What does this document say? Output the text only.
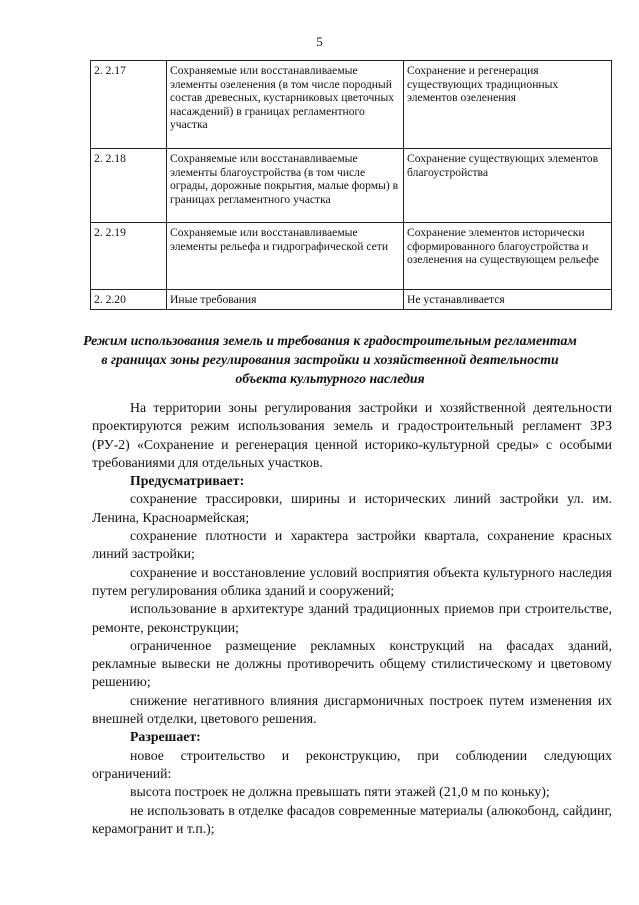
5
2. 2.17	Сохраняемые или восстанавливаемые элементы озеленения (в том числе породный состав древесных, кустарниковых цветочных насаждений) в границах регламентного участка	Сохранение и регенерация существующих традиционных элементов озеленения
2. 2.18	Сохраняемые или восстанавливаемые элементы благоустройства (в том числе ограды, дорожные покрытия, малые формы) в границах регламентного участка	Сохранение существующих элементов благоустройства
2. 2.19	Сохраняемые или восстанавливаемые элементы рельефа и гидрографической сети	Сохранение элементов исторически сформированного благоустройства и озеленения на существующем рельефе
2. 2.20	Иные требования	Не устанавливается
Режим использования земель и требования к градостроительным регламентам в границах зоны регулирования застройки и хозяйственной деятельности объекта культурного наследия

На территории зоны регулирования застройки и хозяйственной деятельности проектируются режим использования земель и градостроительный регламент ЗРЗ (РУ-2) «Сохранение и регенерация ценной историко-культурной среды» с особыми требованиями для отдельных участков.

Предусматривает:

сохранение трассировки, ширины и исторических линий застройки ул. им. Ленина, Красноармейская;

сохранение плотности и характера застройки квартала, сохранение красных линий застройки;

сохранение и восстановление условий восприятия объекта культурного наследия путем регулирования облика зданий и сооружений;

использование в архитектуре зданий традиционных приемов при строительстве, ремонте, реконструкции;

ограниченное размещение рекламных конструкций на фасадах зданий, рекламные вывески не должны противоречить общему стилистическому и цветовому решению;

снижение негативного влияния дисгармоничных построек путем изменения их внешней отделки, цветового решения.

Разрешает:

новое строительство и реконструкцию, при соблюдении следующих ограничений:

высота построек не должна превышать пяти этажей (21,0 м по коньку);

не использовать в отделке фасадов современные материалы (алюкобонд, сайдинг, керамогранит и т.п.);
